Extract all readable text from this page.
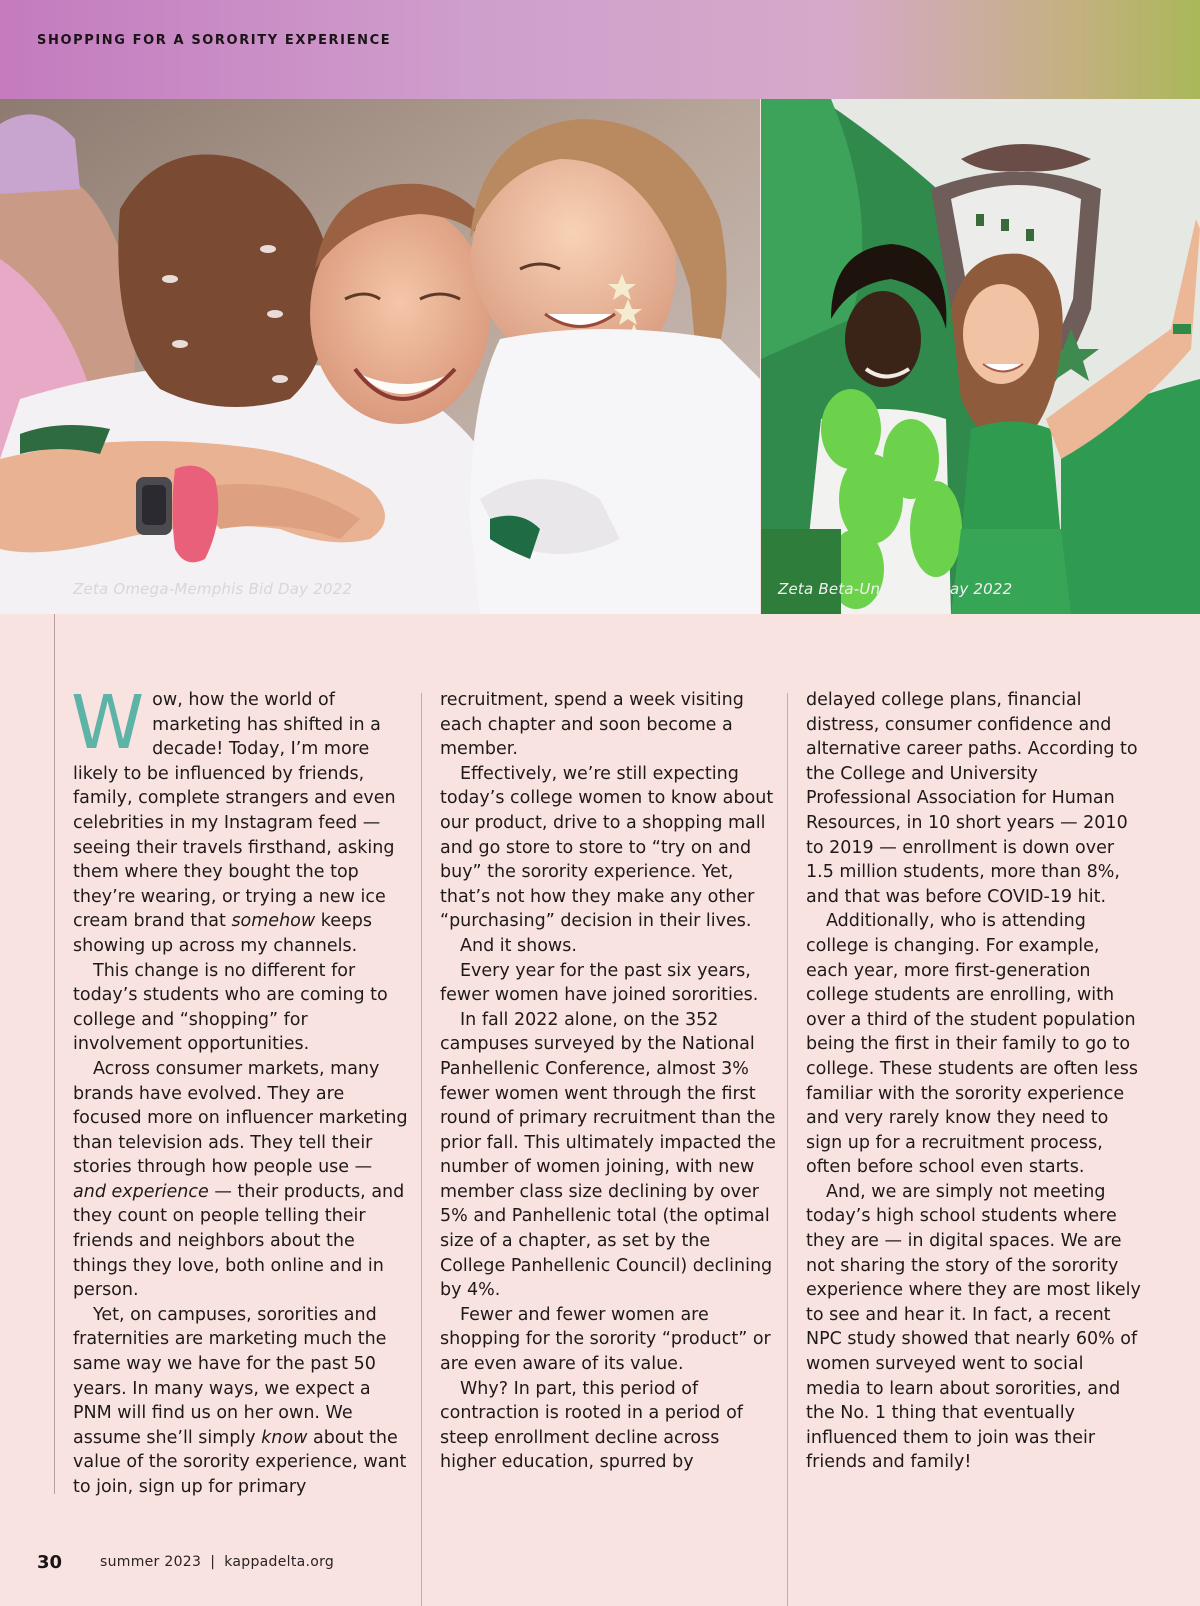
SHOPPING FOR A SORORITY EXPERIENCE
Zeta Omega-Memphis Bid Day 2022	Zeta Beta-Union Bid Day 2022

Wow, how the world of marketing has shifted in a decade! Today, I’m more likely to be influenced by friends, family, complete strangers and even celebrities in my Instagram feed — seeing their travels firsthand, asking them where they bought the top they’re wearing, or trying a new ice cream brand that somehow keeps showing up across my channels.

This change is no different for today’s students who are coming to college and “shopping” for involvement opportunities.

Across consumer markets, many brands have evolved. They are focused more on influencer marketing than television ads. They tell their stories through how people use — and experience — their products, and they count on people telling their friends and neighbors about the things they love, both online and in person.

Yet, on campuses, sororities and fraternities are marketing much the same way we have for the past 50 years. In many ways, we expect a PNM will find us on her own. We assume she’ll simply know about the value of the sorority experience, want to join, sign up for primary

recruitment, spend a week visiting each chapter and soon become a member.

Effectively, we’re still expecting today’s college women to know about our product, drive to a shopping mall and go store to store to “try on and buy” the sorority experience. Yet, that’s not how they make any other “purchasing” decision in their lives.

And it shows.

Every year for the past six years, fewer women have joined sororities.

In fall 2022 alone, on the 352 campuses surveyed by the National Panhellenic Conference, almost 3% fewer women went through the first round of primary recruitment than the prior fall. This ultimately impacted the number of women joining, with new member class size declining by over 5% and Panhellenic total (the optimal size of a chapter, as set by the College Panhellenic Council) declining by 4%.

Fewer and fewer women are shopping for the sorority “product” or are even aware of its value.

Why? In part, this period of contraction is rooted in a period of steep enrollment decline across higher education, spurred by

delayed college plans, financial distress, consumer confidence and alternative career paths. According to the College and University Professional Association for Human Resources, in 10 short years — 2010 to 2019 — enrollment is down over 1.5 million students, more than 8%, and that was before COVID-19 hit.

Additionally, who is attending college is changing. For example, each year, more first-generation college students are enrolling, with over a third of the student population being the first in their family to go to college. These students are often less familiar with the sorority experience and very rarely know they need to sign up for a recruitment process, often before school even starts.

And, we are simply not meeting today’s high school students where they are — in digital spaces. We are not sharing the story of the sorority experience where they are most likely to see and hear it. In fact, a recent NPC study showed that nearly 60% of women surveyed went to social media to learn about sororities, and the No. 1 thing that eventually influenced them to join was their friends and family!

30	summer 2023 | kappadelta.org
